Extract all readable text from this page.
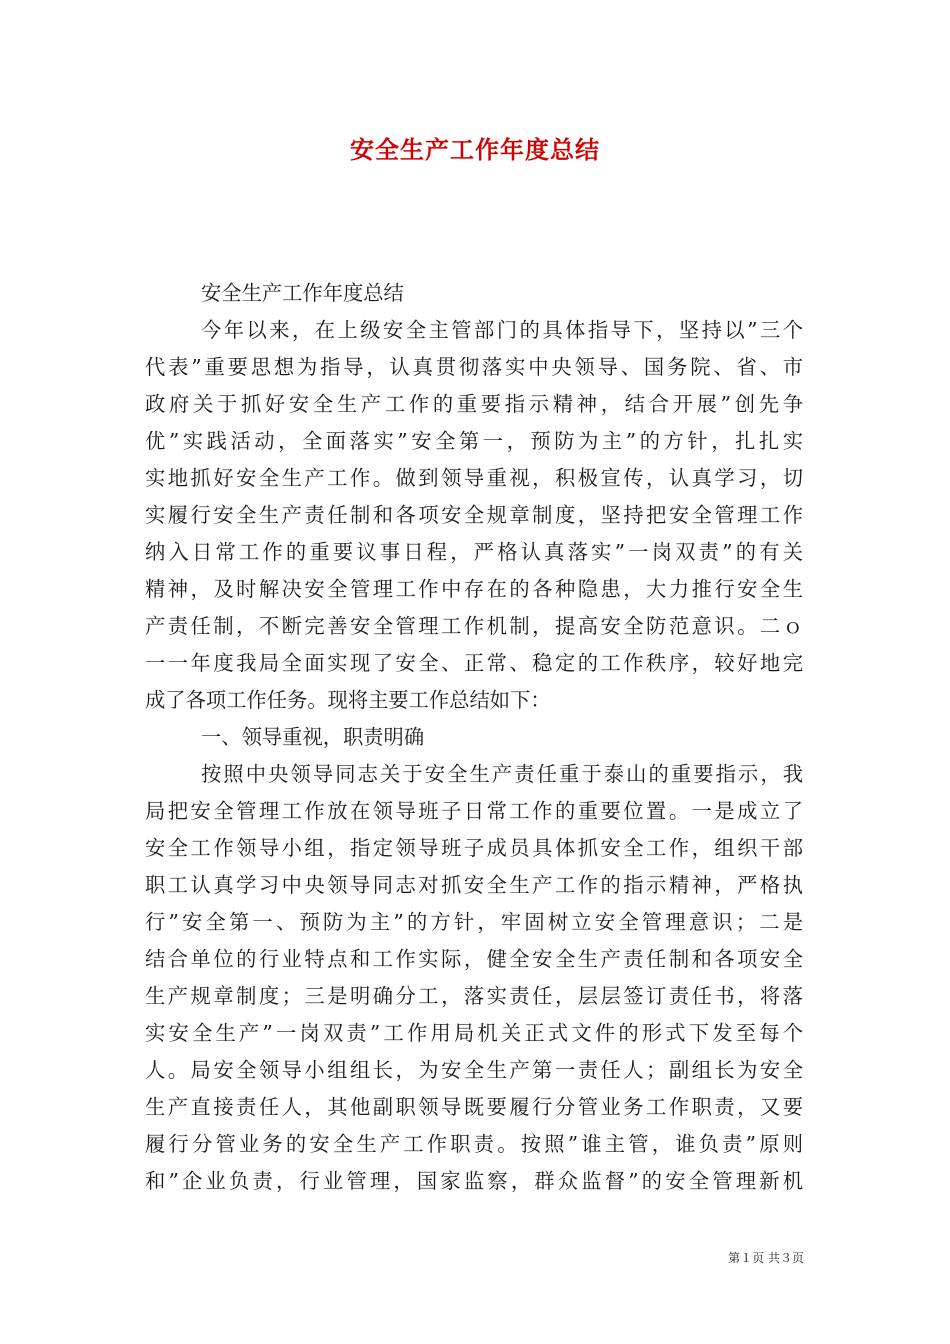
安全生产工作年度总结
安全生产工作年度总结
今年以来，在上级安全主管部门的具体指导下，坚持以”三个
代表”重要思想为指导，认真贯彻落实中央领导、国务院、省、市
政府关于抓好安全生产工作的重要指示精神，结合开展”创先争
优”实践活动，全面落实”安全第一，预防为主”的方针，扎扎实
实地抓好安全生产工作。做到领导重视，积极宣传，认真学习，切
实履行安全生产责任制和各项安全规章制度，坚持把安全管理工作
纳入日常工作的重要议事日程，严格认真落实”一岗双责”的有关
精神，及时解决安全管理工作中存在的各种隐患，大力推行安全生
产责任制，不断完善安全管理工作机制，提高安全防范意识。二ｏ
一一年度我局全面实现了安全、正常、稳定的工作秩序，较好地完
成了各项工作任务。现将主要工作总结如下：
一、领导重视，职责明确
按照中央领导同志关于安全生产责任重于泰山的重要指示，我
局把安全管理工作放在领导班子日常工作的重要位置。一是成立了
安全工作领导小组，指定领导班子成员具体抓安全工作，组织干部
职工认真学习中央领导同志对抓安全生产工作的指示精神，严格执
行”安全第一、预防为主”的方针，牢固树立安全管理意识；二是
结合单位的行业特点和工作实际，健全安全生产责任制和各项安全
生产规章制度；三是明确分工，落实责任，层层签订责任书，将落
实安全生产”一岗双责”工作用局机关正式文件的形式下发至每个
人。局安全领导小组组长，为安全生产第一责任人；副组长为安全
生产直接责任人，其他副职领导既要履行分管业务工作职责，又要
履行分管业务的安全生产工作职责。按照”谁主管，谁负责”原则
和”企业负责，行业管理，国家监察，群众监督”的安全管理新机
第１页 共３页
